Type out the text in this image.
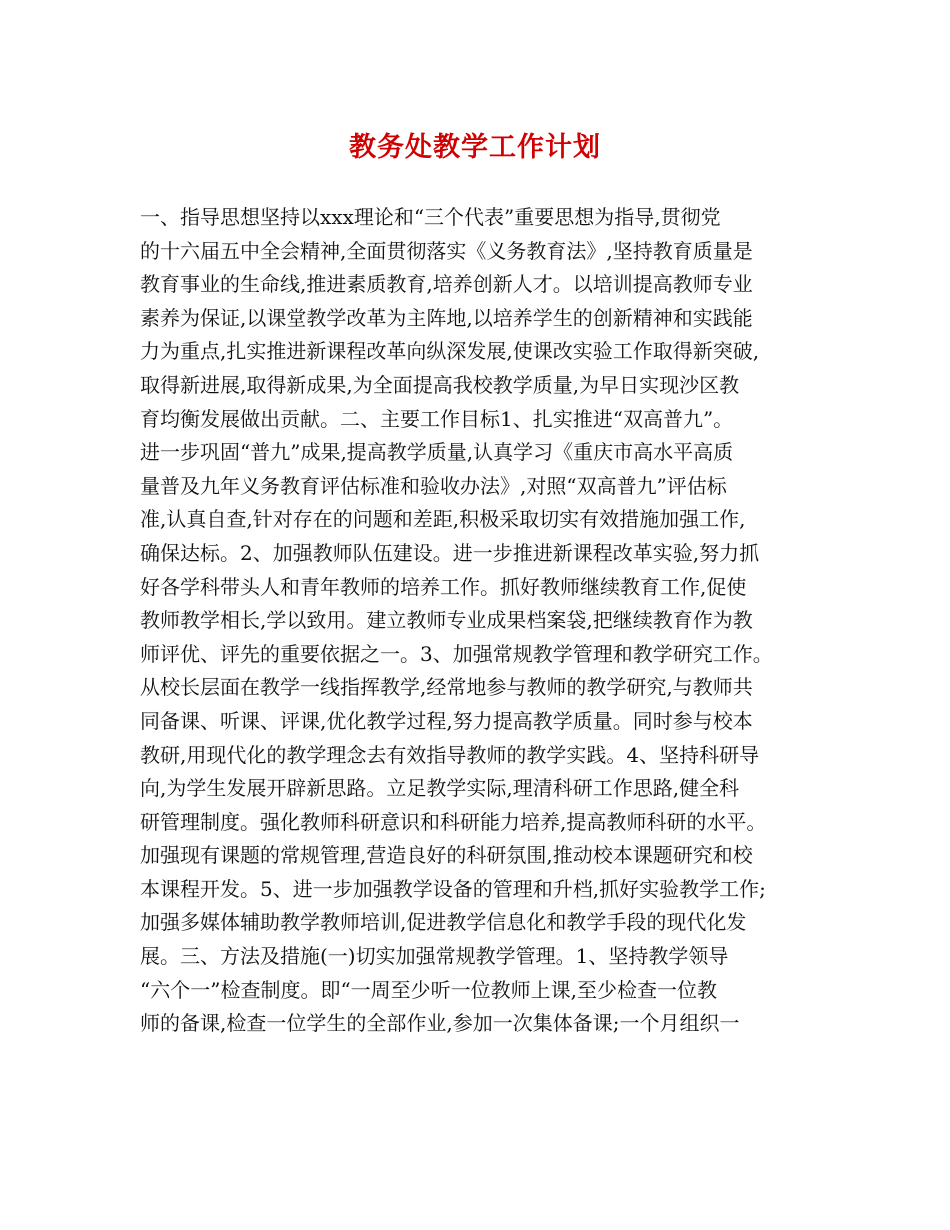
教务处教学工作计划
一、指导思想坚持以xxx理论和“三个代表”重要思想为指导,贯彻党
的十六届五中全会精神,全面贯彻落实《义务教育法》,坚持教育质量是
教育事业的生命线,推进素质教育,培养创新人才。以培训提高教师专业
素养为保证,以课堂教学改革为主阵地,以培养学生的创新精神和实践能
力为重点,扎实推进新课程改革向纵深发展,使课改实验工作取得新突破,
取得新进展,取得新成果,为全面提高我校教学质量,为早日实现沙区教
育均衡发展做出贡献。二、主要工作目标1、扎实推进“双高普九”。
进一步巩固“普九”成果,提高教学质量,认真学习《重庆市高水平高质
量普及九年义务教育评估标准和验收办法》,对照“双高普九”评估标
准,认真自查,针对存在的问题和差距,积极采取切实有效措施加强工作,
确保达标。2、加强教师队伍建设。进一步推进新课程改革实验,努力抓
好各学科带头人和青年教师的培养工作。抓好教师继续教育工作,促使
教师教学相长,学以致用。建立教师专业成果档案袋,把继续教育作为教
师评优、评先的重要依据之一。3、加强常规教学管理和教学研究工作。
从校长层面在教学一线指挥教学,经常地参与教师的教学研究,与教师共
同备课、听课、评课,优化教学过程,努力提高教学质量。同时参与校本
教研,用现代化的教学理念去有效指导教师的教学实践。4、坚持科研导
向,为学生发展开辟新思路。立足教学实际,理清科研工作思路,健全科
研管理制度。强化教师科研意识和科研能力培养,提高教师科研的水平。
加强现有课题的常规管理,营造良好的科研氛围,推动校本课题研究和校
本课程开发。5、进一步加强教学设备的管理和升档,抓好实验教学工作;
加强多媒体辅助教学教师培训,促进教学信息化和教学手段的现代化发
展。三、方法及措施(一)切实加强常规教学管理。1、坚持教学领导
“六个一”检查制度。即“一周至少听一位教师上课,至少检查一位教
师的备课,检查一位学生的全部作业,参加一次集体备课;一个月组织一
